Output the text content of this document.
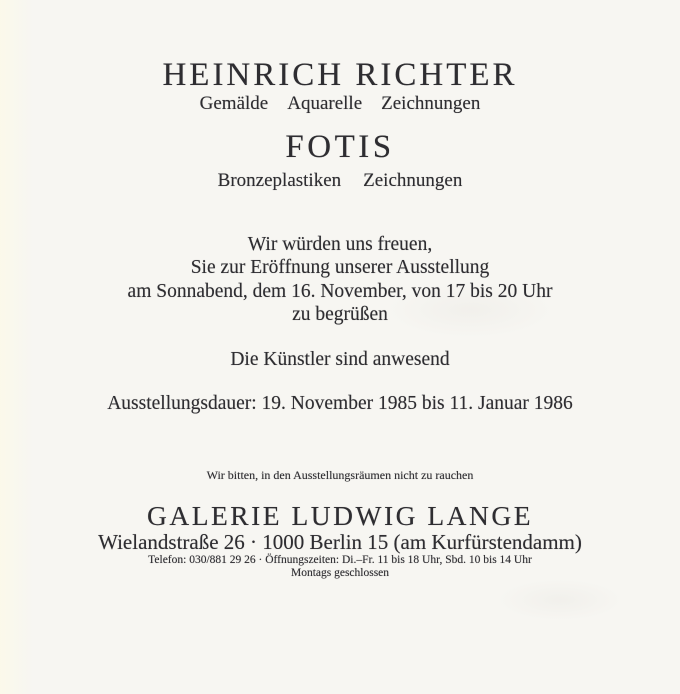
HEINRICH RICHTER
Gemälde Aquarelle Zeichnungen
FOTIS
Bronzeplastiken Zeichnungen
Wir würden uns freuen,
Sie zur Eröffnung unserer Ausstellung
am Sonnabend, dem 16. November, von 17 bis 20 Uhr
zu begrüßen
Die Künstler sind anwesend
Ausstellungsdauer: 19. November 1985 bis 11. Januar 1986
Wir bitten, in den Ausstellungsräumen nicht zu rauchen
GALERIE LUDWIG LANGE
Wielandstraße 26 · 1000 Berlin 15 (am Kurfürstendamm)
Telefon: 030/881 29 26 · Öffnungszeiten: Di.–Fr. 11 bis 18 Uhr, Sbd. 10 bis 14 Uhr
Montags geschlossen
